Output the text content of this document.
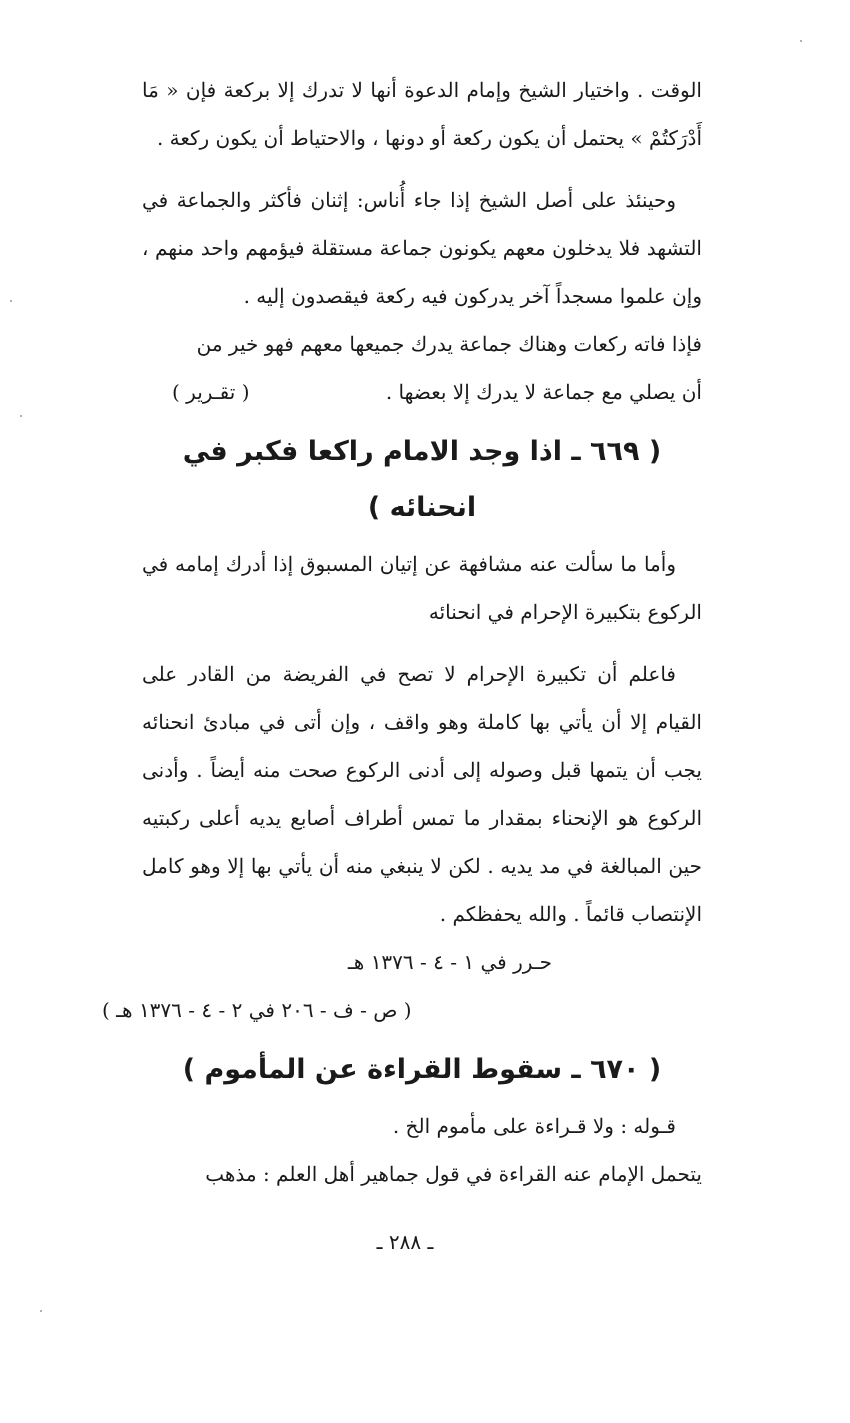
الوقت . واختيار الشيخ وإمام الدعوة أنها لا تدرك إلا بركعة فإن « مَا أَدْرَكتُمْ » يحتمل أن يكون ركعة أو دونها ، والاحتياط أن يكون ركعة .

وحينئذ على أصل الشيخ إذا جاء أُناس: إثنان فأكثر والجماعة في التشهد فلا يدخلون معهم يكونون جماعة مستقلة فيؤمهم واحد منهم ، وإن علموا مسجداً آخر يدركون فيه ركعة فيقصدون إليه .

فإذا فاته ركعات وهناك جماعة يدرك جميعها معهم فهو خير من

أن يصلي مع جماعة لا يدرك إلا بعضها .
( تقـرير )
( ٦٦٩ ـ اذا وجد الامام راكعا فكبر في انحنائه )

وأما ما سألت عنه مشافهة عن إتيان المسبوق إذا أدرك إمامه في الركوع بتكبيرة الإحرام في انحنائه

فاعلم أن تكبيرة الإحرام لا تصح في الفريضة من القادر على القيام إلا أن يأتي بها كاملة وهو واقف ، وإن أتى في مبادئ انحنائه يجب أن يتمها قبل وصوله إلى أدنى الركوع صحت منه أيضاً . وأدنى الركوع هو الإنحناء بمقدار ما تمس أطراف أصابع يديه أعلى ركبتيه حين المبالغة في مد يديه . لكن لا ينبغي منه أن يأتي بها إلا وهو كامل الإنتصاب قائماً . والله يحفظكم .

حـرر في ١ - ٤ - ١٣٧٦ هـ
( ص - ف - ٢٠٦ في ٢ - ٤ - ١٣٧٦ هـ )
( ٦٧٠ ـ سقوط القراءة عن المأموم )

قـوله : ولا قـراءة على مأموم الخ .

يتحمل الإمام عنه القراءة في قول جماهير أهل العلم : مذهب

ـ ٢٨٨ ـ
